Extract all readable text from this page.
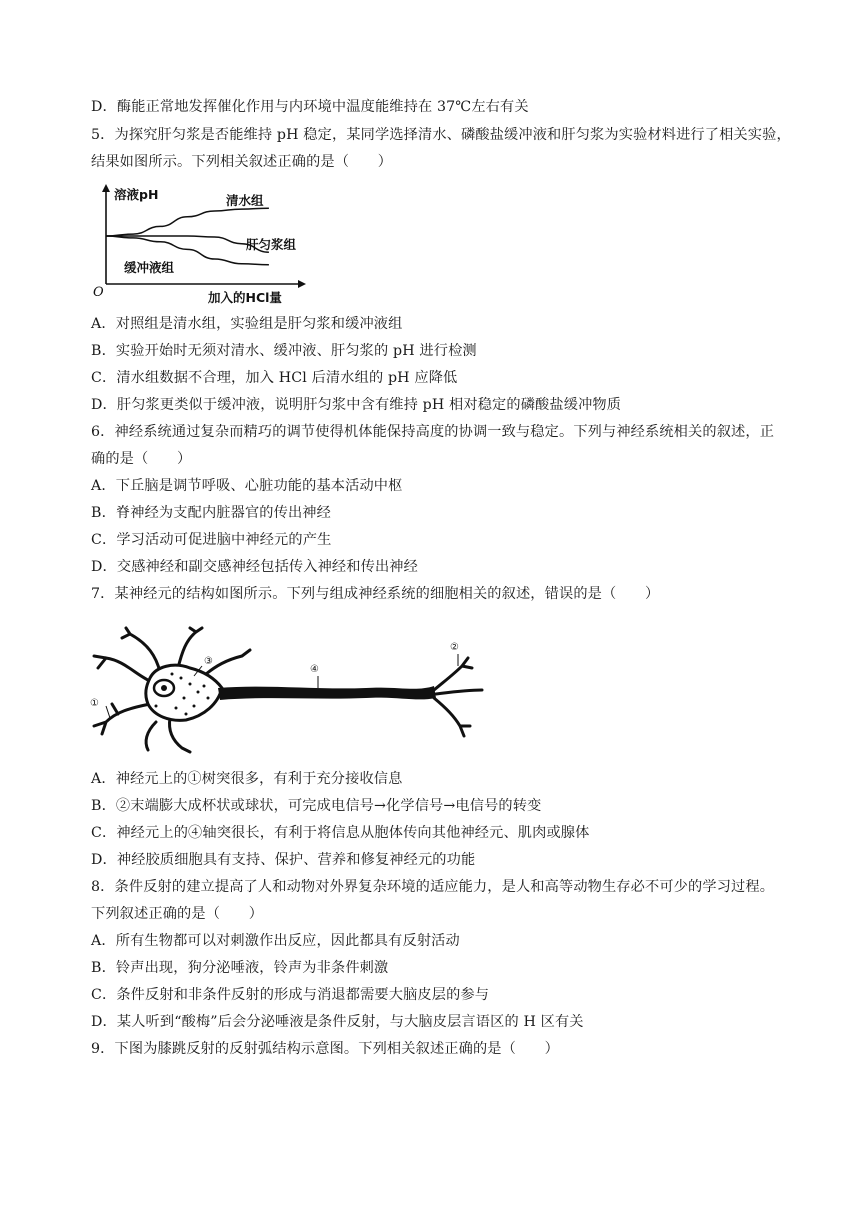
D．酶能正常地发挥催化作用与内环境中温度能维持在 37℃左右有关
5．为探究肝匀浆是否能维持 pH 稳定，某同学选择清水、磷酸盐缓冲液和肝匀浆为实验材料进行了相关实验，
结果如图所示。下列相关叙述正确的是（　　）
溶液pH
加入的HCl量
O
清水组
肝匀浆组
缓冲液组
A．对照组是清水组，实验组是肝匀浆和缓冲液组
B．实验开始时无须对清水、缓冲液、肝匀浆的 pH 进行检测
C．清水组数据不合理，加入 HCl 后清水组的 pH 应降低
D．肝匀浆更类似于缓冲液，说明肝匀浆中含有维持 pH 相对稳定的磷酸盐缓冲物质
6．神经系统通过复杂而精巧的调节使得机体能保持高度的协调一致与稳定。下列与神经系统相关的叙述，正
确的是（　　）
A．下丘脑是调节呼吸、心脏功能的基本活动中枢
B．脊神经为支配内脏器官的传出神经
C．学习活动可促进脑中神经元的产生
D．交感神经和副交感神经包括传入神经和传出神经
7．某神经元的结构如图所示。下列与组成神经系统的细胞相关的叙述，错误的是（　　）
①
②
③
④
A．神经元上的①树突很多，有利于充分接收信息
B．②末端膨大成杯状或球状，可完成电信号→化学信号→电信号的转变
C．神经元上的④轴突很长，有利于将信息从胞体传向其他神经元、肌肉或腺体
D．神经胶质细胞具有支持、保护、营养和修复神经元的功能
8．条件反射的建立提高了人和动物对外界复杂环境的适应能力，是人和高等动物生存必不可少的学习过程。
下列叙述正确的是（　　）
A．所有生物都可以对刺激作出反应，因此都具有反射活动
B．铃声出现，狗分泌唾液，铃声为非条件刺激
C．条件反射和非条件反射的形成与消退都需要大脑皮层的参与
D．某人听到“酸梅”后会分泌唾液是条件反射，与大脑皮层言语区的 H 区有关
9．下图为膝跳反射的反射弧结构示意图。下列相关叙述正确的是（　　）
